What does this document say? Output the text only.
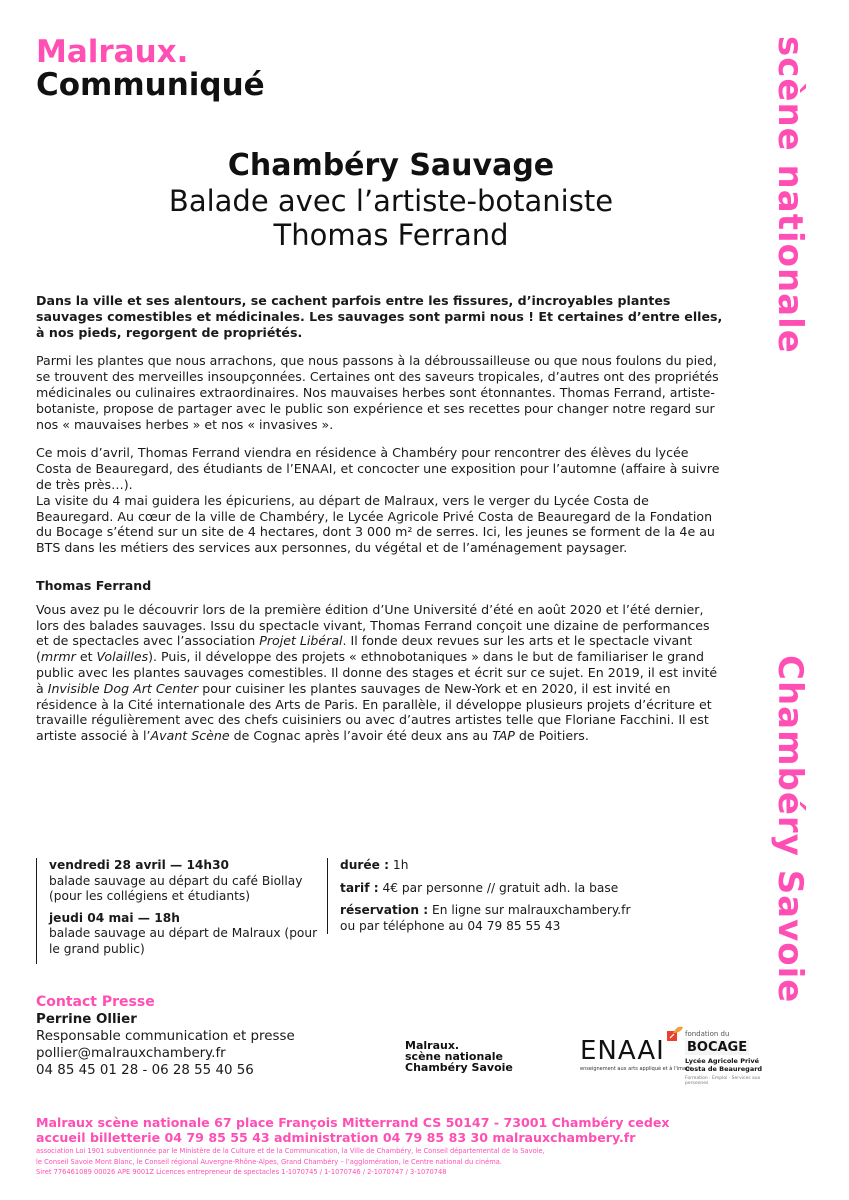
Malraux.
Communiqué	scène nationale
Chambéry Savoie
Chambéry Sauvage
Balade avec l’artiste-botaniste
Thomas Ferrand

Dans la ville et ses alentours, se cachent parfois entre les fissures, d’incroyables plantes sauvages comestibles et médicinales. Les sauvages sont parmi nous ! Et certaines d’entre elles, à nos pieds, regorgent de propriétés.

Parmi les plantes que nous arrachons, que nous passons à la débroussailleuse ou que nous foulons du pied, se trouvent des merveilles insoupçonnées. Certaines ont des saveurs tropicales, d’autres ont des propriétés médicinales ou culinaires extraordinaires. Nos mauvaises herbes sont étonnantes. Thomas Ferrand, artiste-botaniste, propose de partager avec le public son expérience et ses recettes pour changer notre regard sur nos « mauvaises herbes » et nos « invasives ».

Ce mois d’avril, Thomas Ferrand viendra en résidence à Chambéry pour rencontrer des élèves du lycée Costa de Beauregard, des étudiants de l’ENAAI, et concocter une exposition pour l’automne (affaire à suivre de très près…).

La visite du 4 mai guidera les épicuriens, au départ de Malraux, vers le verger du Lycée Costa de Beauregard. Au cœur de la ville de Chambéry, le Lycée Agricole Privé Costa de Beauregard de la Fondation du Bocage s’étend sur un site de 4 hectares, dont 3 000 m² de serres. Ici, les jeunes se forment de la 4e au BTS dans les métiers des services aux personnes, du végétal et de l’aménagement paysager.

Thomas Ferrand

Vous avez pu le découvrir lors de la première édition d’Une Université d’été en août 2020 et l’été dernier, lors des balades sauvages. Issu du spectacle vivant, Thomas Ferrand conçoit une dizaine de performances et de spectacles avec l’association Projet Libéral. Il fonde deux revues sur les arts et le spectacle vivant (mrmr et Volailles). Puis, il développe des projets « ethnobotaniques » dans le but de familiariser le grand public avec les plantes sauvages comestibles. Il donne des stages et écrit sur ce sujet. En 2019, il est invité à Invisible Dog Art Center pour cuisiner les plantes sauvages de New-York et en 2020, il est invité en résidence à la Cité internationale des Arts de Paris. En parallèle, il développe plusieurs projets d’écriture et travaille régulièrement avec des chefs cuisiniers ou avec d’autres artistes telle que Floriane Facchini. Il est artiste associé à l’Avant Scène de Cognac après l’avoir été deux ans au TAP de Poitiers.

vendredi 28 avril — 14h30
balade sauvage au départ du café Biollay (pour les collégiens et étudiants)
jeudi 04 mai — 18h
balade sauvage au départ de Malraux (pour le grand public)
durée : 1h
tarif : 4€ par personne // gratuit adh. la base
réservation : En ligne sur malrauxchambery.fr
ou par téléphone au 04 79 85 55 43
Contact Presse
Perrine Ollier
Responsable communication et presse
pollier@malrauxchambery.fr
04 85 45 01 28 - 06 28 55 40 56
Malraux.
scène nationale
Chambéry Savoie
ENAAI
enseignement aux arts appliqué et à l'image
fondation du
BOCAGE
Lycée Agricole Privé
Costa de Beauregard
Formation · Emploi · Services aux personnes
Malraux scène nationale 67 place François Mitterrand CS 50147 - 73001 Chambéry cedex
accueil billetterie 04 79 85 55 43 administration 04 79 85 83 30 malrauxchambery.fr
association Loi 1901 subventionnée par le Ministère de la Culture et de la Communication, la Ville de Chambéry, le Conseil départemental de la Savoie,
le Conseil Savoie Mont Blanc, le Conseil régional Auvergne-Rhône-Alpes, Grand Chambéry – l’agglomération, le Centre national du cinéma.
Siret 776461089 00026 APE 9001Z Licences entrepreneur de spectacles 1-1070745 / 1-1070746 / 2-1070747 / 3-1070748
